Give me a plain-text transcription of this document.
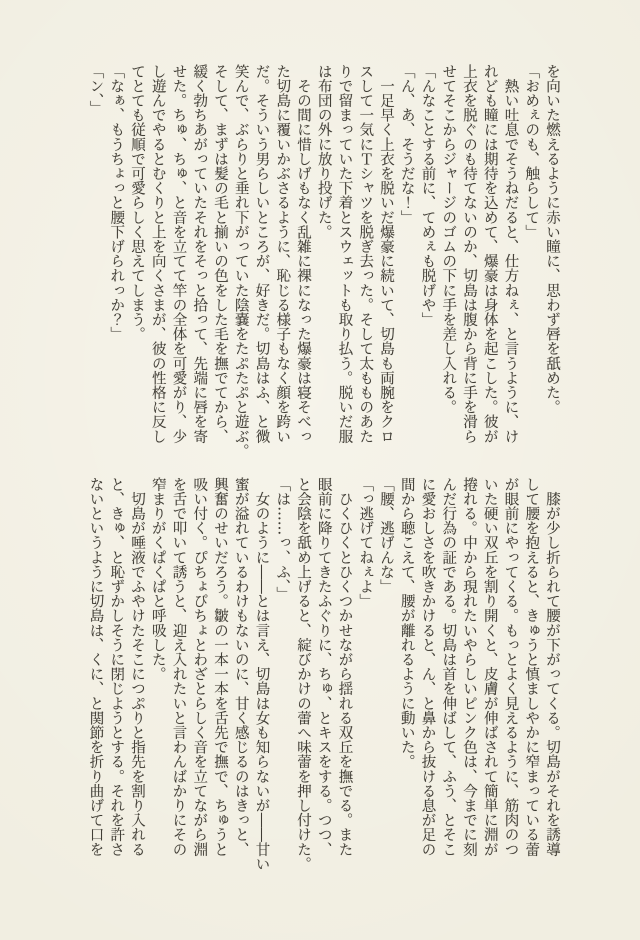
を向いた燃えるように赤い瞳に、思わず唇を舐めた。
「おめぇのも、触らして」
　熱い吐息でそうねだると、仕方ねぇ、と言うように、け
れども瞳には期待を込めて、爆豪は身体を起こした。彼が
上衣を脱ぐのも待てないのか、切島は腹から背に手を滑ら
せてそこからジャージのゴムの下に手を差し入れる。
「んなことする前に、てめぇも脱げや」
「ん、あ、そうだな！」
　一足早く上衣を脱いだ爆豪に続いて、切島も両腕をクロ
スして一気にＴシャツを脱ぎ去った。そして太もものあた
りで留まっていた下着とスウェットも取り払う。脱いだ服
は布団の外に放り投げた。
　その間に惜しげもなく乱雑に裸になった爆豪は寝そべっ
た切島に覆いかぶさるように、恥じる様子もなく顔を跨い
だ。そういう男らしいところが、好きだ。切島はふ、と微
笑んで、ぶらりと垂れ下がっていた陰嚢をたぷたぷと遊ぶ。
そして、まずは髪の毛と揃いの色をした毛を撫でてから、
緩く勃ちあがっていたそれをそっと拾って、先端に唇を寄
せた。ちゅ、ちゅ、と音を立てて竿の全体を可愛がり、少
し遊んでやるとむくりと上を向くさまが、彼の性格に反し
てとても従順で可愛らしく思えてしまう。
「なぁ、もうちょっと腰下げられっか？」
「ン、」
　膝が少し折られて腰が下がってくる。切島がそれを誘導
して腰を抱えると、きゅうと慎ましやかに窄まっている蕾
が眼前にやってくる。もっとよく見えるように、筋肉のつ
いた硬い双丘を割り開くと、皮膚が伸ばされて簡単に淵が
捲れる。中から現れたいやらしいピンク色は、今までに刻
んだ行為の証である。切島は首を伸ばして、ふう、とそこ
に愛おしさを吹きかけると、ん、と鼻から抜ける息が足の
間から聴こえて、腰が離れるように動いた。
「腰、逃げんな」
「っ逃げてねぇよ」
　ひくひくとひくつかせながら揺れる双丘を撫でる。また
眼前に降りてきたふぐりに、ちゅ、とキスをする。つつ、
と会陰を舐め上げると、綻びかけの蕾へ味蕾を押し付けた。
「は……っ、ふ、」
　女のように――とは言え、切島は女も知らないが――甘い
蜜が溢れているわけもないのに、甘く感じるのはきっと、
興奮のせいだろう。皺の一本一本を舌先で撫で、ちゅうと
吸い付く。ぴちょぴちょとわざとらしく音を立てながら淵
を舌で叩いて誘うと、迎え入れたいと言わんばかりにその
窄まりがくぱくぱと呼吸した。
　切島が唾液でふやけたそこにつぷりと指先を割り入れる
と、きゅ、と恥ずかしそうに閉じようとする。それを許さ
ないというように切島は、くに、と関節を折り曲げて口を
